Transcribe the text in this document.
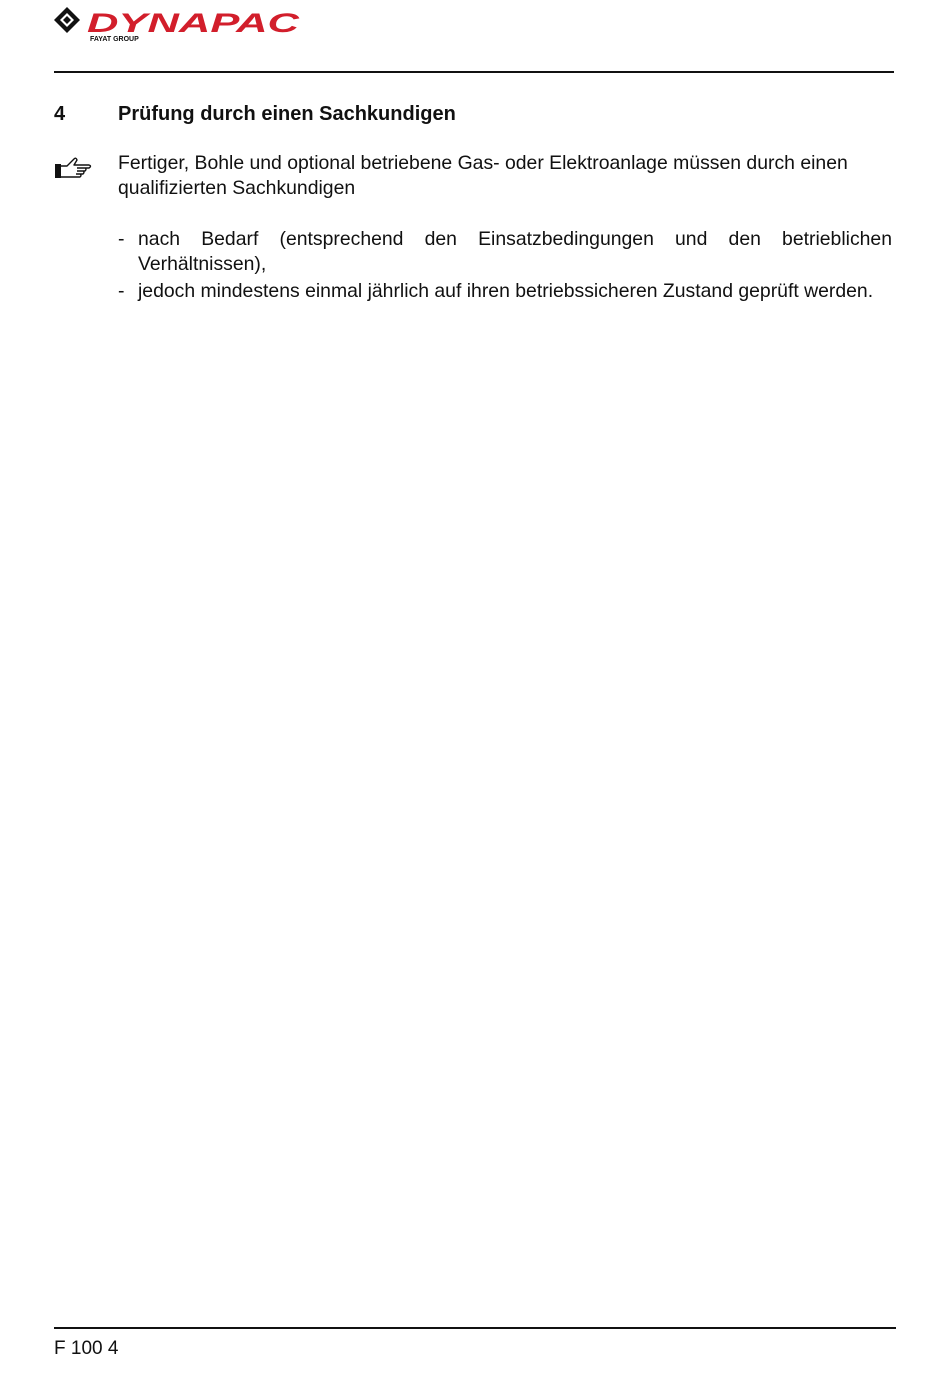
DYNAPAC
FAYAT GROUP
4	Prüfung durch einen Sachkundigen

Fertiger, Bohle und optional betriebene Gas- oder Elektroanlage müssen durch einen qualifizierten Sachkundigen

- nach Bedarf (entsprechend den Einsatzbedingungen und den betrieblichen Verhältnissen),
- jedoch mindestens einmal jährlich auf ihren betriebssicheren Zustand geprüft werden.
F 100 4
